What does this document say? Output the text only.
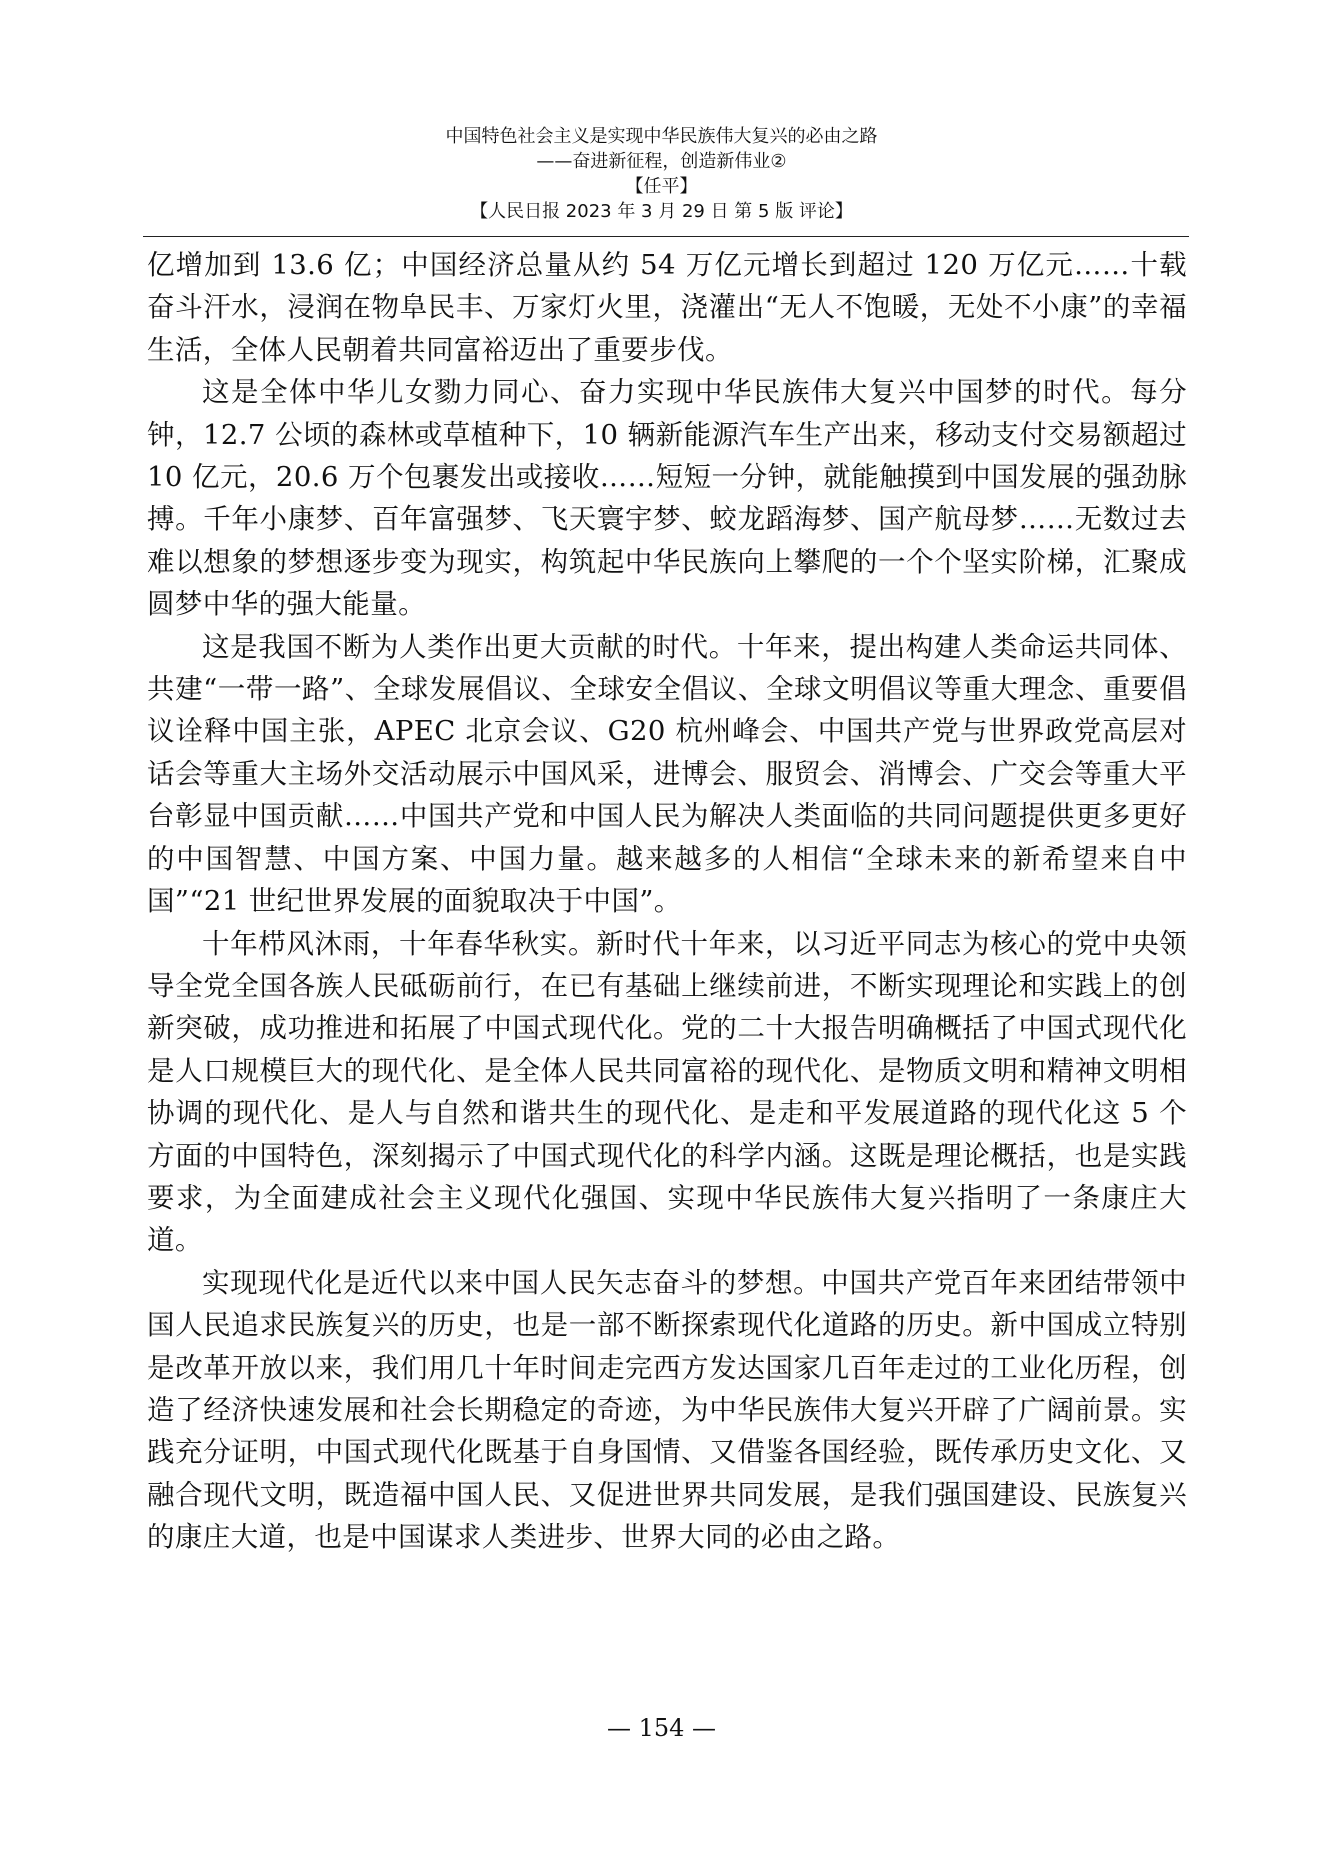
中国特色社会主义是实现中华民族伟大复兴的必由之路
——奋进新征程，创造新伟业②
【任平】
【人民日报 2023 年 3 月 29 日 第 5 版 评论】

亿增加到 13.6 亿；中国经济总量从约 54 万亿元增长到超过 120 万亿元……十载奋斗汗水，浸润在物阜民丰、万家灯火里，浇灌出“无人不饱暖，无处不小康”的幸福生活，全体人民朝着共同富裕迈出了重要步伐。

这是全体中华儿女勠力同心、奋力实现中华民族伟大复兴中国梦的时代。每分钟，12.7 公顷的森林或草植种下，10 辆新能源汽车生产出来，移动支付交易额超过 10 亿元，20.6 万个包裹发出或接收……短短一分钟，就能触摸到中国发展的强劲脉搏。千年小康梦、百年富强梦、飞天寰宇梦、蛟龙蹈海梦、国产航母梦……无数过去难以想象的梦想逐步变为现实，构筑起中华民族向上攀爬的一个个坚实阶梯，汇聚成圆梦中华的强大能量。

这是我国不断为人类作出更大贡献的时代。十年来，提出构建人类命运共同体、共建“一带一路”、全球发展倡议、全球安全倡议、全球文明倡议等重大理念、重要倡议诠释中国主张，APEC 北京会议、G20 杭州峰会、中国共产党与世界政党高层对话会等重大主场外交活动展示中国风采，进博会、服贸会、消博会、广交会等重大平台彰显中国贡献……中国共产党和中国人民为解决人类面临的共同问题提供更多更好的中国智慧、中国方案、中国力量。越来越多的人相信“全球未来的新希望来自中国”“21 世纪世界发展的面貌取决于中国”。

十年栉风沐雨，十年春华秋实。新时代十年来，以习近平同志为核心的党中央领导全党全国各族人民砥砺前行，在已有基础上继续前进，不断实现理论和实践上的创新突破，成功推进和拓展了中国式现代化。党的二十大报告明确概括了中国式现代化是人口规模巨大的现代化、是全体人民共同富裕的现代化、是物质文明和精神文明相协调的现代化、是人与自然和谐共生的现代化、是走和平发展道路的现代化这 5 个方面的中国特色，深刻揭示了中国式现代化的科学内涵。这既是理论概括，也是实践要求，为全面建成社会主义现代化强国、实现中华民族伟大复兴指明了一条康庄大道。

实现现代化是近代以来中国人民矢志奋斗的梦想。中国共产党百年来团结带领中国人民追求民族复兴的历史，也是一部不断探索现代化道路的历史。新中国成立特别是改革开放以来，我们用几十年时间走完西方发达国家几百年走过的工业化历程，创造了经济快速发展和社会长期稳定的奇迹，为中华民族伟大复兴开辟了广阔前景。实践充分证明，中国式现代化既基于自身国情、又借鉴各国经验，既传承历史文化、又融合现代文明，既造福中国人民、又促进世界共同发展，是我们强国建设、民族复兴的康庄大道，也是中国谋求人类进步、世界大同的必由之路。

— 154 —
